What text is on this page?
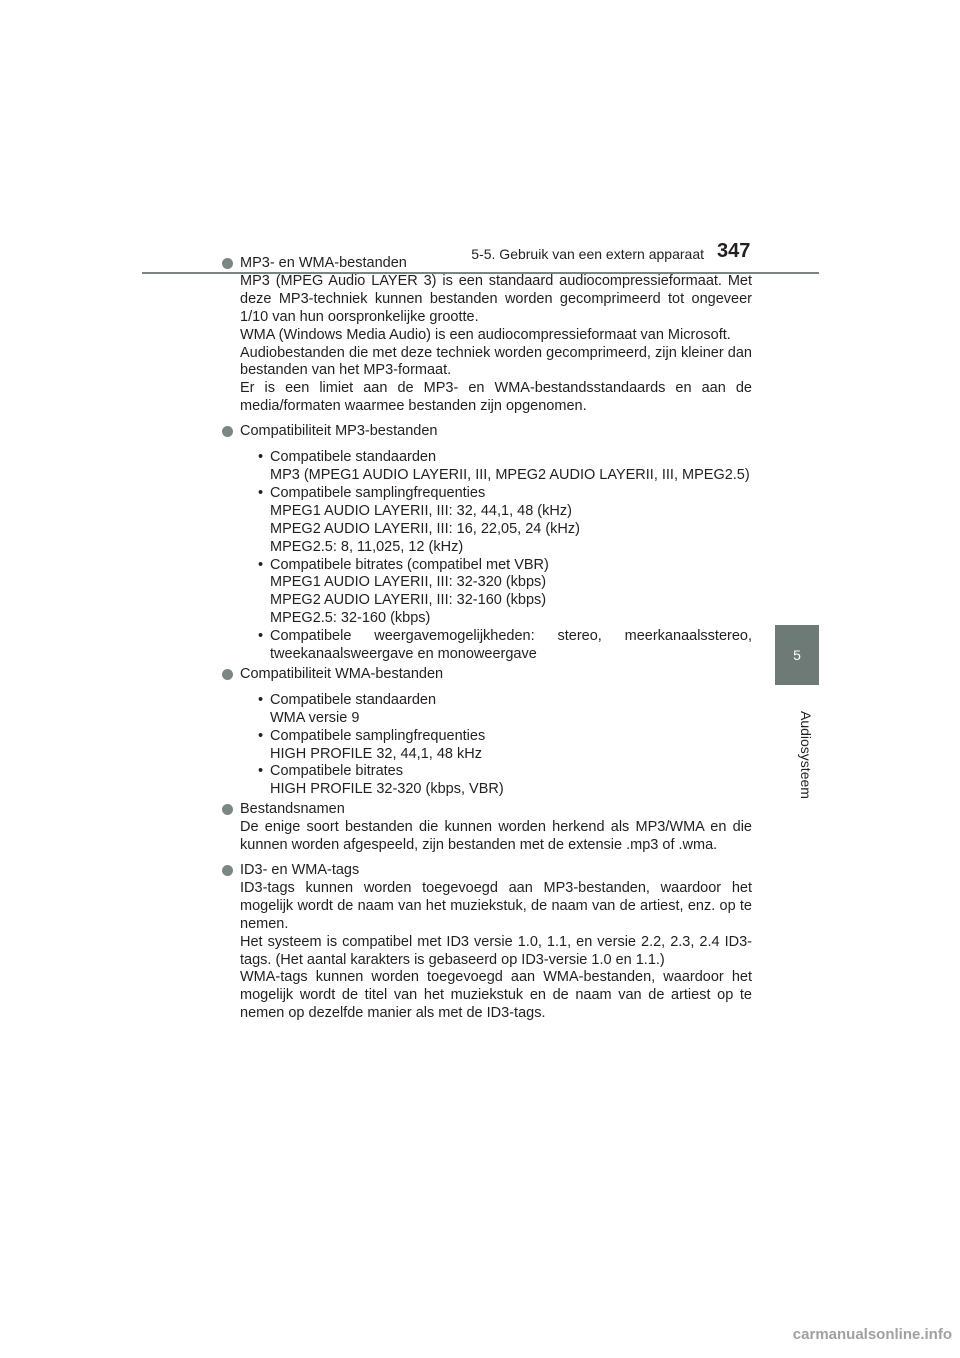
5-5. Gebruik van een extern apparaat 347
5
Audiosysteem

MP3- en WMA-bestanden

MP3 (MPEG Audio LAYER 3) is een standaard audiocompressieformaat. Met deze MP3-techniek kunnen bestanden worden gecomprimeerd tot ongeveer 1/10 van hun oorspronkelijke grootte.

WMA (Windows Media Audio) is een audiocompressieformaat van Microsoft.

Audiobestanden die met deze techniek worden gecomprimeerd, zijn kleiner dan bestanden van het MP3-formaat.

Er is een limiet aan de MP3- en WMA-bestandsstandaards en aan de media/formaten waarmee bestanden zijn opgenomen.

Compatibiliteit MP3-bestanden

• Compatibele standaarden

MP3 (MPEG1 AUDIO LAYERII, III, MPEG2 AUDIO LAYERII, III, MPEG2.5)

• Compatibele samplingfrequenties

MPEG1 AUDIO LAYERII, III: 32, 44,1, 48 (kHz)

MPEG2 AUDIO LAYERII, III: 16, 22,05, 24 (kHz)

MPEG2.5: 8, 11,025, 12 (kHz)

• Compatibele bitrates (compatibel met VBR)

MPEG1 AUDIO LAYERII, III: 32-320 (kbps)

MPEG2 AUDIO LAYERII, III: 32-160 (kbps)

MPEG2.5: 32-160 (kbps)

• Compatibele weergavemogelijkheden: stereo, meerkanaalsstereo, tweekanaalsweergave en monoweergave

Compatibiliteit WMA-bestanden

• Compatibele standaarden

WMA versie 9

• Compatibele samplingfrequenties

HIGH PROFILE 32, 44,1, 48 kHz

• Compatibele bitrates

HIGH PROFILE 32-320 (kbps, VBR)

Bestandsnamen

De enige soort bestanden die kunnen worden herkend als MP3/WMA en die kunnen worden afgespeeld, zijn bestanden met de extensie .mp3 of .wma.

ID3- en WMA-tags

ID3-tags kunnen worden toegevoegd aan MP3-bestanden, waardoor het mogelijk wordt de naam van het muziekstuk, de naam van de artiest, enz. op te nemen.

Het systeem is compatibel met ID3 versie 1.0, 1.1, en versie 2.2, 2.3, 2.4 ID3-tags. (Het aantal karakters is gebaseerd op ID3-versie 1.0 en 1.1.)

WMA-tags kunnen worden toegevoegd aan WMA-bestanden, waardoor het mogelijk wordt de titel van het muziekstuk en de naam van de artiest op te nemen op dezelfde manier als met de ID3-tags.

carmanualsonline.info
